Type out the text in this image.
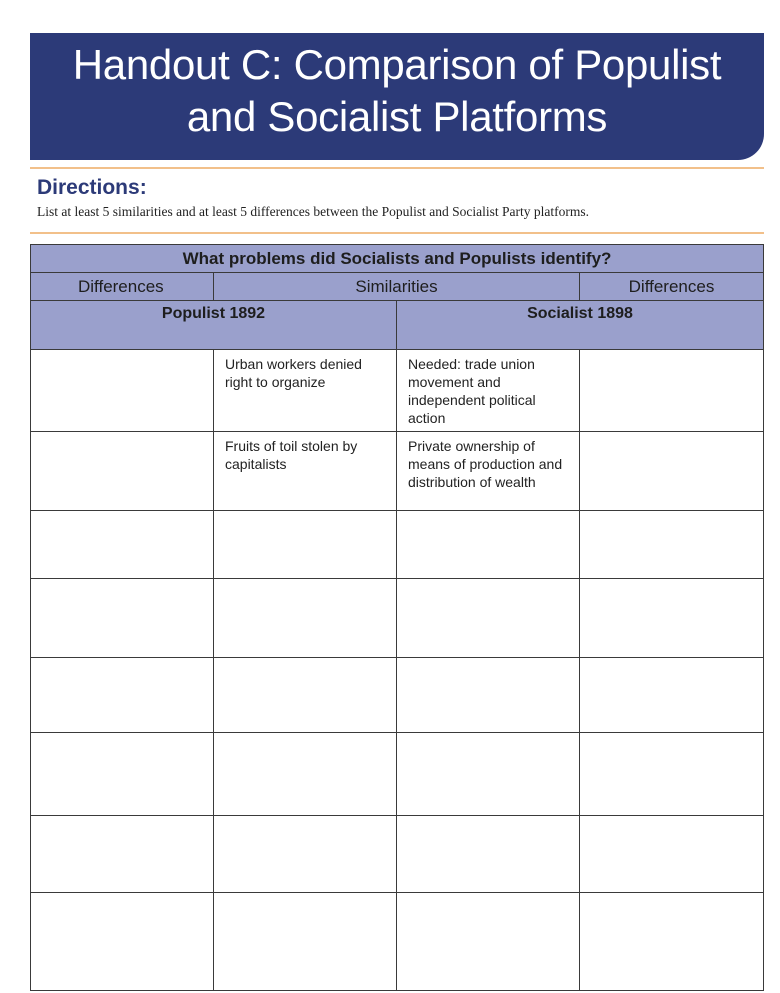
Handout C: Comparison of Populist
and Socialist Platforms
Directions:
List at least 5 similarities and at least 5 differences between the Populist and Socialist Party platforms.
What problems did Socialists and Populists identify?			
Differences	Similarities		Differences
Populist 1892		Socialist 1898	

	Urban workers denied right to organize	Needed: trade union movement and independent political action	

	Fruits of toil stolen by capitalists	Private ownership of means of production and distribution of wealth	
